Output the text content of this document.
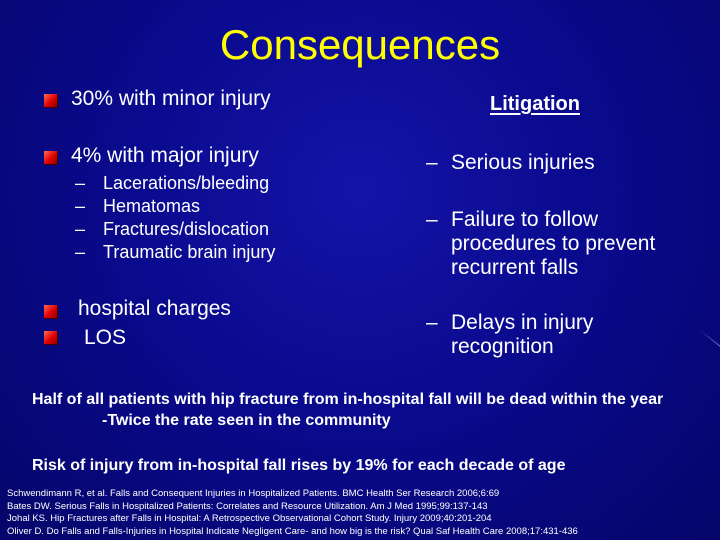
Consequences
30% with minor injury
4% with major injury
– Lacerations/bleeding
– Hematomas
– Fractures/dislocation
– Traumatic brain injury
hospital charges
LOS
Litigation
– Serious injuries
– Failure to follow
procedures to prevent
recurrent falls
– Delays in injury
recognition
Half of all patients with hip fracture from in-hospital fall will be dead within the year
-Twice the rate seen in the community
Risk of injury from in-hospital fall rises by 19% for each decade of age
Schwendimann R, et al. Falls and Consequent Injuries in Hospitalized Patients. BMC Health Ser Research 2006;6:69
Bates DW. Serious Falls in Hospitalized Patients: Correlates and Resource Utilization. Am J Med 1995;99:137-143
Johal KS. Hip Fractures after Falls in Hospital: A Retrospective Observational Cohort Study. Injury 2009;40:201-204
Oliver D. Do Falls and Falls-Injuries in Hospital Indicate Negligent Care- and how big is the risk? Qual Saf Health Care 2008;17:431-436
